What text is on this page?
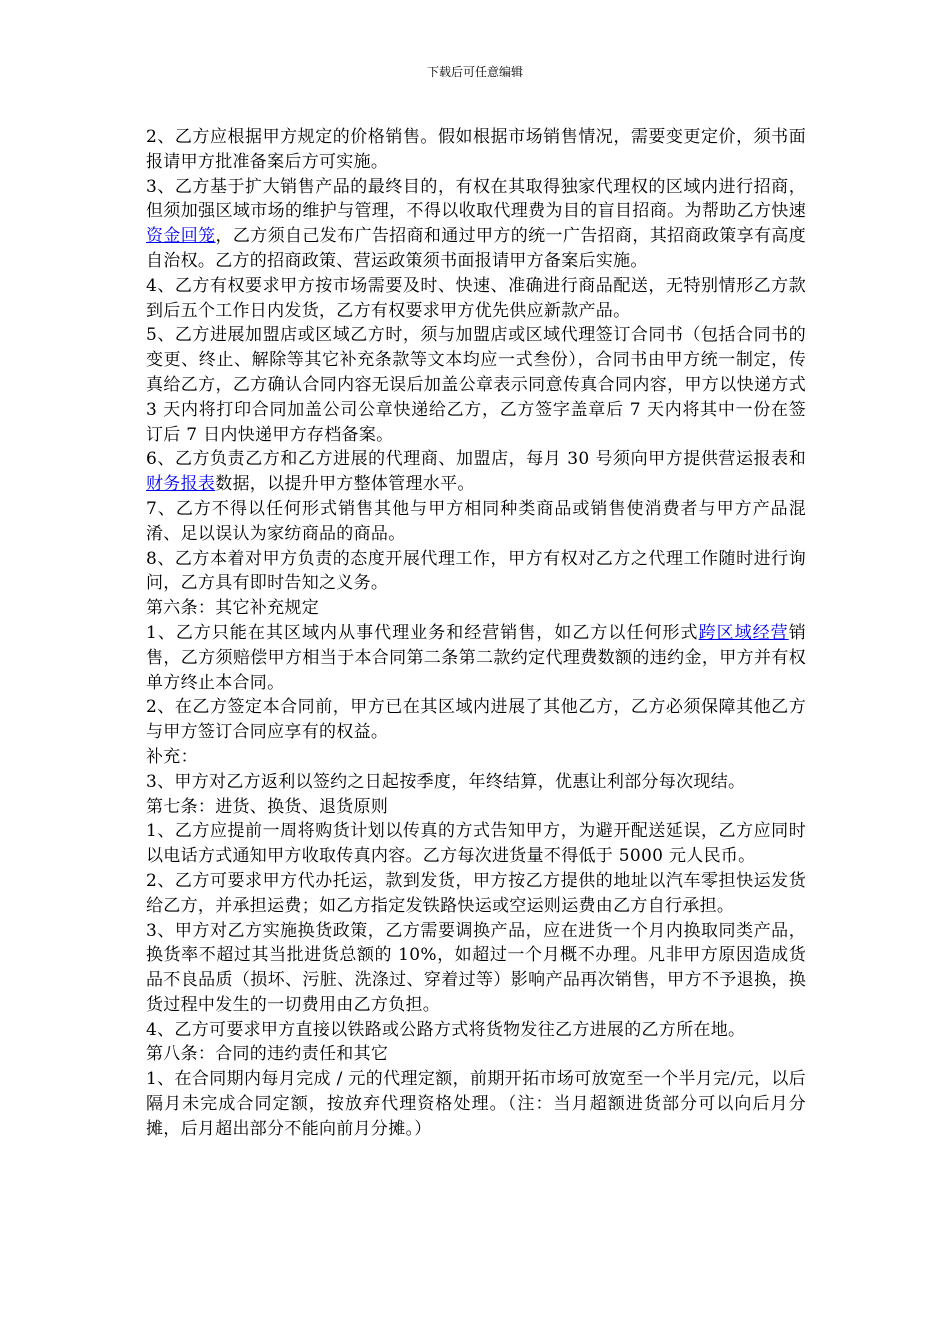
下载后可任意编辑

2、乙方应根据甲方规定的价格销售。假如根据市场销售情况，需要变更定价，须书面报请甲方批准备案后方可实施。

3、乙方基于扩大销售产品的最终目的，有权在其取得独家代理权的区域内进行招商，但须加强区域市场的维护与管理，不得以收取代理费为目的盲目招商。为帮助乙方快速资金回笼，乙方须自己发布广告招商和通过甲方的统一广告招商，其招商政策享有高度自治权。乙方的招商政策、营运政策须书面报请甲方备案后实施。

4、乙方有权要求甲方按市场需要及时、快速、准确进行商品配送，无特别情形乙方款到后五个工作日内发货，乙方有权要求甲方优先供应新款产品。

5、乙方进展加盟店或区域乙方时，须与加盟店或区域代理签订合同书（包括合同书的变更、终止、解除等其它补充条款等文本均应一式叁份），合同书由甲方统一制定，传真给乙方，乙方确认合同内容无误后加盖公章表示同意传真合同内容，甲方以快递方式 3 天内将打印合同加盖公司公章快递给乙方，乙方签字盖章后 7 天内将其中一份在签订后 7 日内快递甲方存档备案。

6、乙方负责乙方和乙方进展的代理商、加盟店，每月 30 号须向甲方提供营运报表和财务报表数据，以提升甲方整体管理水平。

7、乙方不得以任何形式销售其他与甲方相同种类商品或销售使消费者与甲方产品混淆、足以误认为家纺商品的商品。

8、乙方本着对甲方负责的态度开展代理工作，甲方有权对乙方之代理工作随时进行询问，乙方具有即时告知之义务。

第六条：其它补充规定

1、乙方只能在其区域内从事代理业务和经营销售，如乙方以任何形式跨区域经营销售，乙方须赔偿甲方相当于本合同第二条第二款约定代理费数额的违约金，甲方并有权单方终止本合同。

2、在乙方签定本合同前，甲方已在其区域内进展了其他乙方，乙方必须保障其他乙方与甲方签订合同应享有的权益。

补充：

3、甲方对乙方返利以签约之日起按季度，年终结算，优惠让利部分每次现结。

第七条：进货、换货、退货原则

1、乙方应提前一周将购货计划以传真的方式告知甲方，为避开配送延误，乙方应同时以电话方式通知甲方收取传真内容。乙方每次进货量不得低于 5000 元人民币。

2、乙方可要求甲方代办托运，款到发货，甲方按乙方提供的地址以汽车零担快运发货给乙方，并承担运费；如乙方指定发铁路快运或空运则运费由乙方自行承担。

3、甲方对乙方实施换货政策，乙方需要调换产品，应在进货一个月内换取同类产品，换货率不超过其当批进货总额的 10%，如超过一个月概不办理。凡非甲方原因造成货品不良品质（损坏、污脏、洗涤过、穿着过等）影响产品再次销售，甲方不予退换，换货过程中发生的一切费用由乙方负担。

4、乙方可要求甲方直接以铁路或公路方式将货物发往乙方进展的乙方所在地。

第八条：合同的违约责任和其它

1、在合同期内每月完成 / 元的代理定额，前期开拓市场可放宽至一个半月完/元，以后隔月未完成合同定额，按放弃代理资格处理。（注：当月超额进货部分可以向后月分摊，后月超出部分不能向前月分摊。）
